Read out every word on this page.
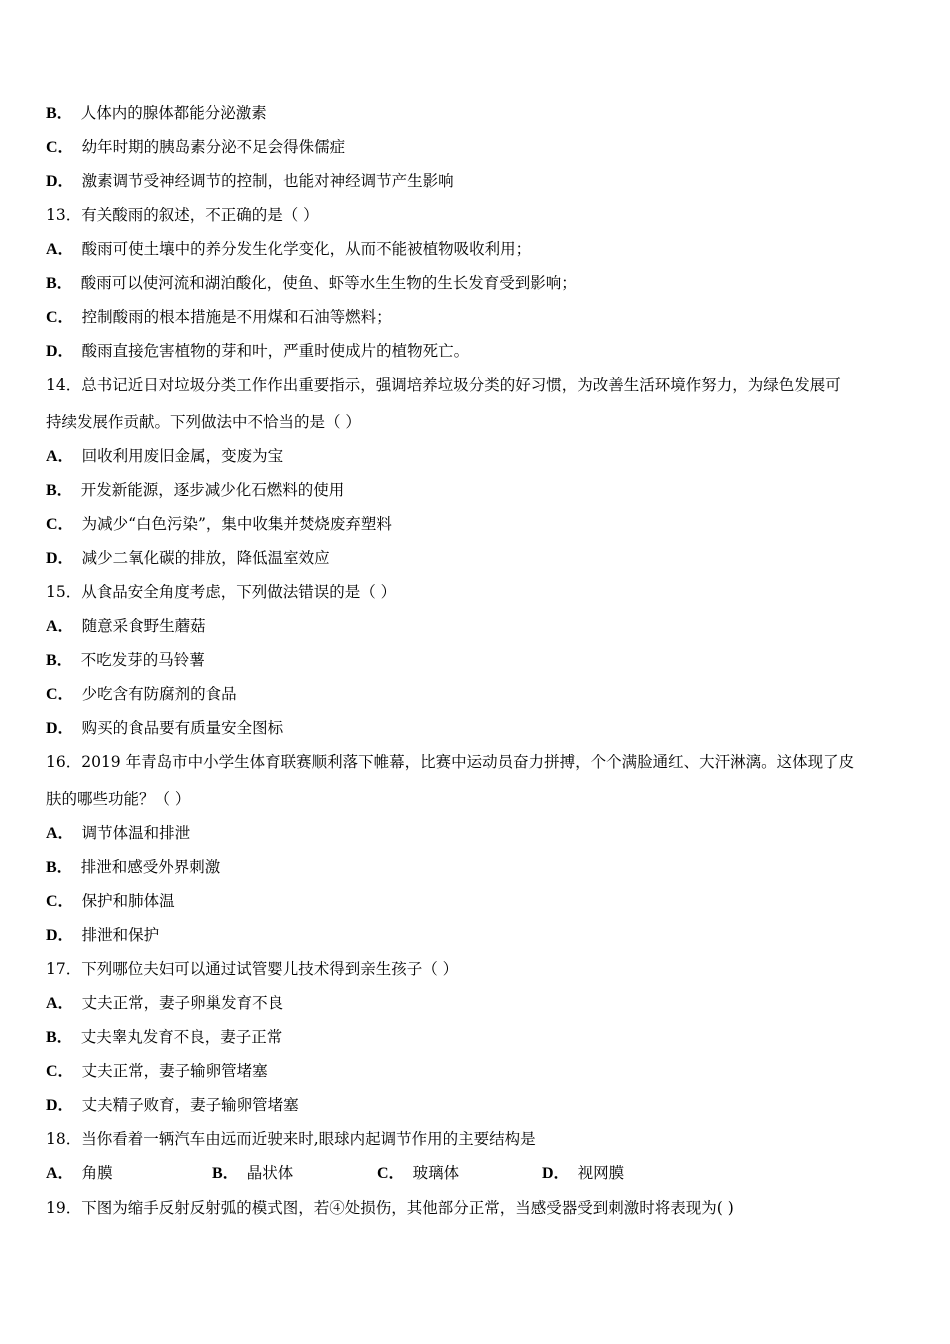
B． 人体内的腺体都能分泌激素
C． 幼年时期的胰岛素分泌不足会得侏儒症
D． 激素调节受神经调节的控制，也能对神经调节产生影响
13．有关酸雨的叙述，不正确的是（ ）
A． 酸雨可使土壤中的养分发生化学变化，从而不能被植物吸收利用；
B． 酸雨可以使河流和湖泊酸化，使鱼、虾等水生生物的生长发育受到影响；
C． 控制酸雨的根本措施是不用煤和石油等燃料；
D． 酸雨直接危害植物的芽和叶，严重时使成片的植物死亡。
14．总书记近日对垃圾分类工作作出重要指示，强调培养垃圾分类的好习惯，为改善生活环境作努力，为绿色发展可
持续发展作贡献。下列做法中不恰当的是（ ）
A． 回收利用废旧金属，变废为宝
B． 开发新能源，逐步减少化石燃料的使用
C． 为减少“白色污染”，集中收集并焚烧废弃塑料
D． 减少二氧化碳的排放，降低温室效应
15．从食品安全角度考虑，下列做法错误的是（ ）
A． 随意采食野生蘑菇
B． 不吃发芽的马铃薯
C． 少吃含有防腐剂的食品
D． 购买的食品要有质量安全图标
16．2019 年青岛市中小学生体育联赛顺利落下帷幕，比赛中运动员奋力拼搏，个个满脸通红、大汗淋漓。这体现了皮
肤的哪些功能？（ ）
A． 调节体温和排泄
B． 排泄和感受外界刺激
C． 保护和肺体温
D． 排泄和保护
17．下列哪位夫妇可以通过试管婴儿技术得到亲生孩子（ ）
A． 丈夫正常，妻子卵巢发育不良
B． 丈夫睾丸发育不良，妻子正常
C． 丈夫正常，妻子输卵管堵塞
D． 丈夫精子败育，妻子输卵管堵塞
18．当你看着一辆汽车由远而近驶来时,眼球内起调节作用的主要结构是
A． 角膜	B． 晶状体	C． 玻璃体	D． 视网膜
19．下图为缩手反射反射弧的模式图，若④处损伤，其他部分正常，当感受器受到刺激时将表现为( )
